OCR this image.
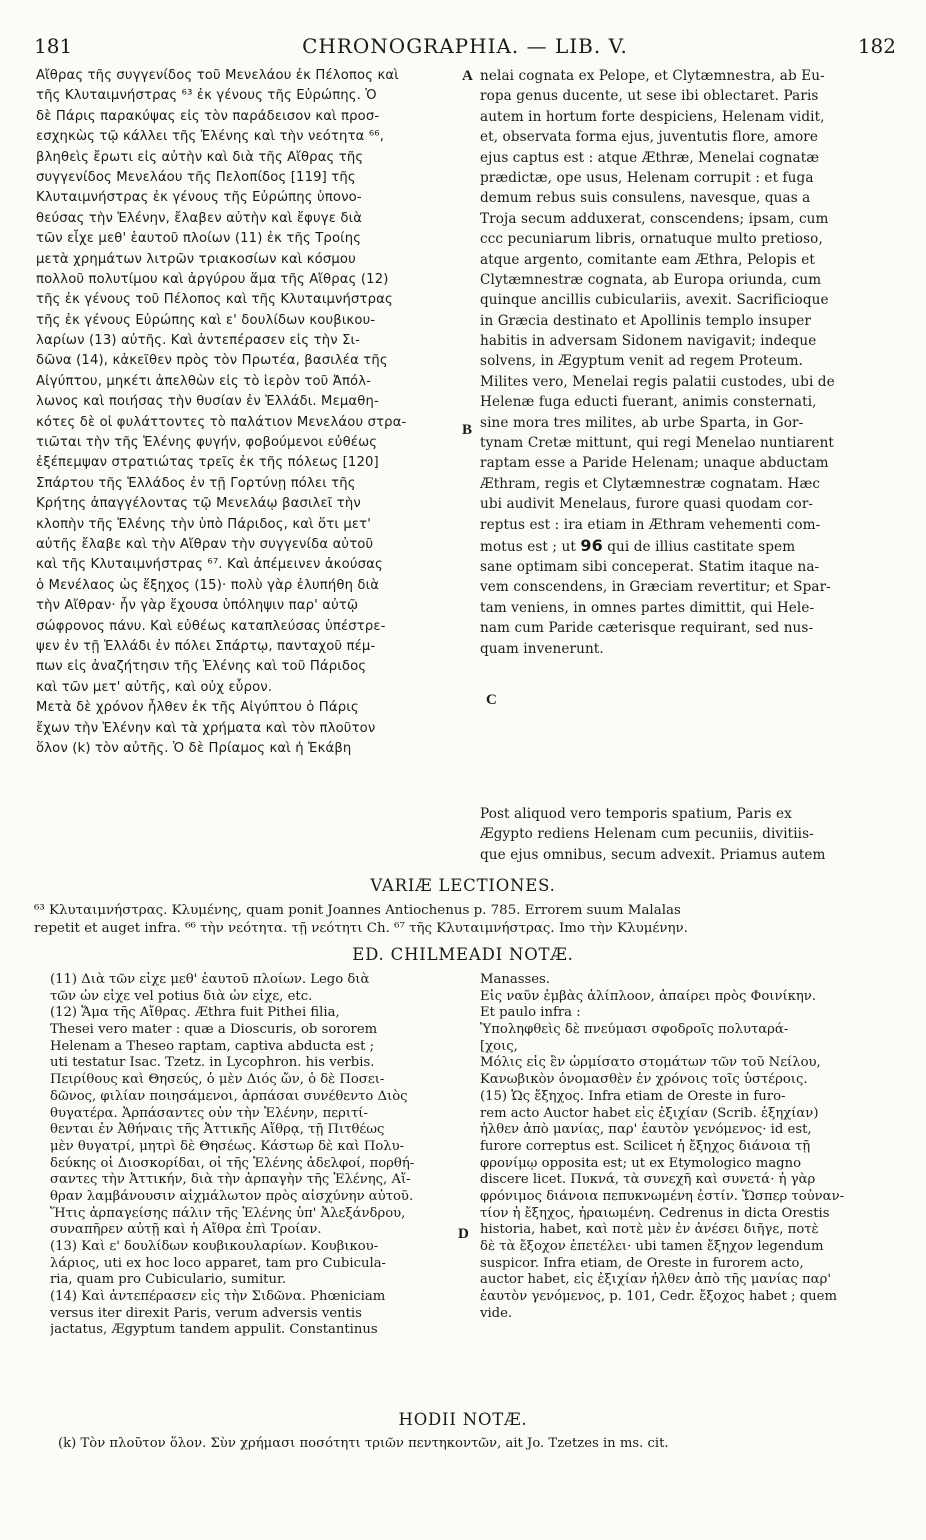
181	CHRONOGRAPHIA. — LIB. V.	182
Αἴθρας τῆς συγγενίδος τοῦ Μενελάου ἐκ Πέλοπος καὶ
τῆς Κλυταιμνήστρας ⁶³ ἐκ γένους τῆς Εὐρώπης. Ὁ
δὲ Πάρις παρακύψας εἰς τὸν παράδεισον καὶ προσ-
εσχηκὼς τῷ κάλλει τῆς Ἑλένης καὶ τὴν νεότητα ⁶⁶,
βληθεὶς ἔρωτι εἰς αὐτὴν καὶ διὰ τῆς Αἴθρας τῆς
συγγενίδος Μενελάου τῆς Πελοπίδος [119] τῆς
Κλυταιμνήστρας ἐκ γένους τῆς Εὐρώπης ὑπονο-
θεύσας τὴν Ἑλένην, ἔλαβεν αὐτὴν καὶ ἔφυγε διὰ
τῶν εἶχε μεθ' ἑαυτοῦ πλοίων (11) ἐκ τῆς Τροίης
μετὰ χρημάτων λιτρῶν τριακοσίων καὶ κόσμου
πολλοῦ πολυτίμου καὶ ἀργύρου ἅμα τῆς Αἴθρας (12)
τῆς ἐκ γένους τοῦ Πέλοπος καὶ τῆς Κλυταιμνήστρας
τῆς ἐκ γένους Εὐρώπης καὶ ε' δουλίδων κουβικου-
λαρίων (13) αὐτῆς. Καὶ ἀντεπέρασεν εἰς τὴν Σι-
δῶνα (14), κἀκεῖθεν πρὸς τὸν Πρωτέα, βασιλέα τῆς
Αἰγύπτου, μηκέτι ἀπελθὼν εἰς τὸ ἱερὸν τοῦ Ἀπόλ-
λωνος καὶ ποιήσας τὴν θυσίαν ἐν Ἑλλάδι. Μεμαθη-
κότες δὲ οἱ φυλάττοντες τὸ παλάτιον Μενελάου στρα-
τιῶται τὴν τῆς Ἑλένης φυγήν, φοβούμενοι εὐθέως
ἐξέπεμψαν στρατιώτας τρεῖς ἐκ τῆς πόλεως [120]
Σπάρτου τῆς Ἑλλάδος ἐν τῇ Γορτύνῃ πόλει τῆς
Κρήτης ἀπαγγέλοντας τῷ Μενελάῳ βασιλεῖ τὴν
κλοπὴν τῆς Ἑλένης τὴν ὑπὸ Πάριδος, καὶ ὅτι μετ'
αὐτῆς ἔλαβε καὶ τὴν Αἴθραν τὴν συγγενίδα αὐτοῦ
καὶ τῆς Κλυταιμνήστρας ⁶⁷. Καὶ ἀπέμεινεν ἀκούσας
ὁ Μενέλαος ὡς ἔξηχος (15)· πολὺ γὰρ ἐλυπήθη διὰ
τὴν Αἴθραν· ἦν γὰρ ἔχουσα ὑπόληψιν παρ' αὐτῷ
σώφρονος πάνυ. Καὶ εὐθέως καταπλεύσας ὑπέστρε-
ψεν ἐν τῇ Ἑλλάδι ἐν πόλει Σπάρτῳ, πανταχοῦ πέμ-
πων εἰς ἀναζήτησιν τῆς Ἑλένης καὶ τοῦ Πάριδος
καὶ τῶν μετ' αὐτῆς, καὶ οὐχ εὗρον.
Μετὰ δὲ χρόνον ἦλθεν ἐκ τῆς Αἰγύπτου ὁ Πάρις
ἔχων τὴν Ἑλένην καὶ τὰ χρήματα καὶ τὸν πλοῦτον
ὅλον (k) τὸν αὐτῆς. Ὁ δὲ Πρίαμος καὶ ἡ Ἑκάβη
A
B
C
D
nelai cognata ex Pelope, et Clytæmnestra, ab Eu-
ropa genus ducente, ut sese ibi oblectaret. Paris
autem in hortum forte despiciens, Helenam vidit,
et, observata forma ejus, juventutis flore, amore
ejus captus est : atque Æthræ, Menelai cognatæ
prædictæ, ope usus, Helenam corrupit : et fuga
demum rebus suis consulens, navesque, quas a
Troja secum adduxerat, conscendens; ipsam, cum
ccc pecuniarum libris, ornatuque multo pretioso,
atque argento, comitante eam Æthra, Pelopis et
Clytæmnestræ cognata, ab Europa oriunda, cum
quinque ancillis cubiculariis, avexit. Sacrificioque
in Græcia destinato et Apollinis templo insuper
habitis in adversam Sidonem navigavit; indeque
solvens, in Ægyptum venit ad regem Proteum.
Milites vero, Menelai regis palatii custodes, ubi de
Helenæ fuga educti fuerant, animis consternati,
sine mora tres milites, ab urbe Sparta, in Gor-
tynam Cretæ mittunt, qui regi Menelao nuntiarent
raptam esse a Paride Helenam; unaque abductam
Æthram, regis et Clytæmnestræ cognatam. Hæc
ubi audivit Menelaus, furore quasi quodam cor-
reptus est : ira etiam in Æthram vehementi com-
motus est ; ut 96 qui de illius castitate spem
sane optimam sibi conceperat. Statim itaque na-
vem conscendens, in Græciam revertitur; et Spar-
tam veniens, in omnes partes dimittit, qui Hele-
nam cum Paride cæterisque requirant, sed nus-
quam invenerunt.
Post aliquod vero temporis spatium, Paris ex
Ægypto rediens Helenam cum pecuniis, divitiis-
que ejus omnibus, secum advexit. Priamus autem
VARIÆ LECTIONES.
⁶³ Κλυταιμνήστρας. Κλυμένης, quam ponit Joannes Antiochenus p. 785. Errorem suum Malalas
repetit et auget infra. ⁶⁶ τὴν νεότητα. τῇ νεότητι Ch. ⁶⁷ τῆς Κλυταιμνήστρας. Imo τὴν Κλυμένην.
ED. CHILMEADI NOTÆ.
(11) Διὰ τῶν εἶχε μεθ' ἑαυτοῦ πλοίων. Lego διὰ
τῶν ὧν εἶχε vel potius διὰ ὧν εἶχε, etc.
(12) Ἅμα τῆς Αἴθρας. Æthra fuit Pithei filia,
Thesei vero mater : quæ a Dioscuris, ob sororem
Helenam a Theseo raptam, captiva abducta est ;
uti testatur Isac. Tzetz. in Lycophron. his verbis.
Πειρίθους καὶ Θησεύς, ὁ μὲν Διός ὤν, ὁ δὲ Ποσει-
δῶνος, φιλίαν ποιησάμενοι, ἁρπάσαι συνέθεντο Διὸς
θυγατέρα. Ἁρπάσαντες οὖν τὴν Ἑλένην, περιτί-
θενται ἐν Ἀθήναις τῆς Ἀττικῆς Αἴθρᾳ, τῇ Πιτθέως
μὲν θυγατρί, μητρὶ δὲ Θησέως. Κάστωρ δὲ καὶ Πολυ-
δεύκης οἱ Διοσκορίδαι, οἱ τῆς Ἑλένης ἀδελφοί, πορθή-
σαντες τὴν Ἀττικήν, διὰ τὴν ἁρπαγὴν τῆς Ἑλένης, Αἴ-
θραν λαμβάνουσιν αἰχμάλωτον πρὸς αἰσχύνην αὐτοῦ.
Ἥτις ἁρπαγείσης πάλιν τῆς Ἑλένης ὑπ' Ἀλεξάνδρου,
συναπῆρεν αὐτῇ καὶ ἡ Αἴθρα ἐπὶ Τροίαν.
(13) Καὶ ε' δουλίδων κουβικουλαρίων. Κουβικου-
λάριος, uti ex hoc loco apparet, tam pro Cubicula-
ria, quam pro Cubiculario, sumitur.
(14) Καὶ ἀντεπέρασεν εἰς τὴν Σιδῶνα. Phœniciam
versus iter direxit Paris, verum adversis ventis
jactatus, Ægyptum tandem appulit. Constantinus
Manasses.
Εἰς ναῦν ἐμβὰς ἀλίπλοον, ἀπαίρει πρὸς Φοινίκην.
Et paulo infra :
Ὑποληφθεὶς δὲ πνεύμασι σφοδροῖς πολυταρά-
[χοις,
Μόλις εἰς ἓν ὡρμίσατο στομάτων τῶν τοῦ Νείλου,
Κανωβικὸν ὀνομασθὲν ἐν χρόνοις τοῖς ὑστέροις.
(15) Ὡς ἔξηχος. Infra etiam de Oreste in furo-
rem acto Auctor habet εἰς ἐξιχίαν (Scrib. ἐξηχίαν)
ἦλθεν ἀπὸ μανίας, παρ' ἑαυτὸν γενόμενος· id est,
furore correptus est. Scilicet ἡ ἔξηχος διάνοια τῇ
φρονίμῳ opposita est; ut ex Etymologico magno
discere licet. Πυκνά, τὰ συνεχῆ καὶ συνετά· ἡ γὰρ
φρόνιμος διάνοια πεπυκνωμένη ἐστίν. Ὥσπερ τοὐναν-
τίον ἡ ἔξηχος, ἠραιωμένη. Cedrenus in dicta Orestis
historia, habet, καὶ ποτὲ μὲν ἐν ἀνέσει διῆγε, ποτὲ
δὲ τὰ ἔξοχον ἐπετέλει· ubi tamen ἔξηχον legendum
suspicor. Infra etiam, de Oreste in furorem acto,
auctor habet, εἰς ἐξιχίαν ἦλθεν ἀπὸ τῆς μανίας παρ'
ἑαυτὸν γενόμενος, p. 101, Cedr. ἔξοχος habet ; quem
vide.
HODII NOTÆ.
(k) Τὸν πλοῦτον ὅλον. Σὺν χρήμασι ποσότητι τριῶν πεντηκοντῶν, ait Jo. Tzetzes in ms. cit.
